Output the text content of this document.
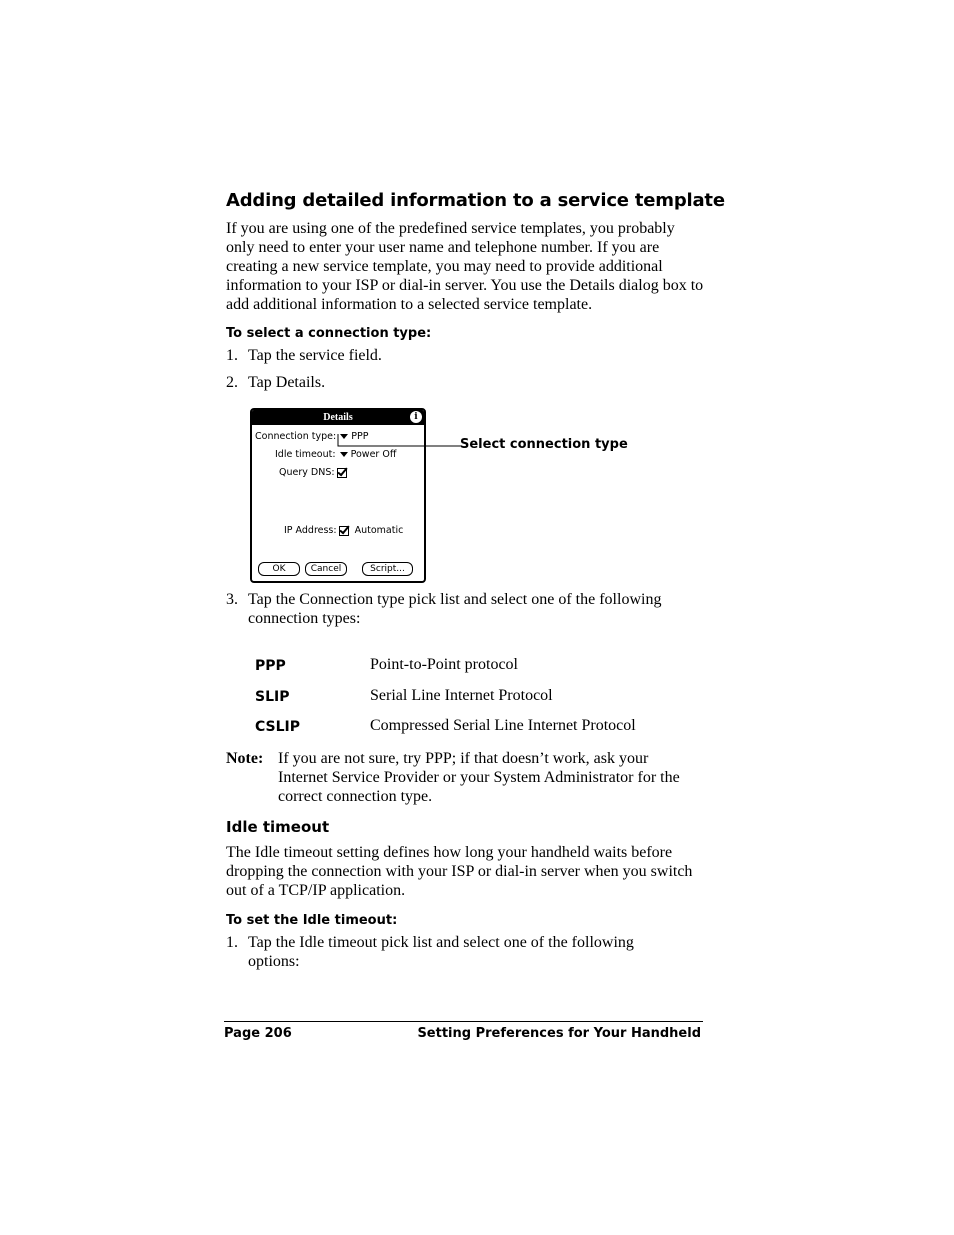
Adding detailed information to a service template

If you are using one of the predefined service templates, you probably only need to enter your user name and telephone number. If you are creating a new service template, you may need to provide additional information to your ISP or dial-in server. You use the Details dialog box to add additional information to a selected service template.

To select a connection type:

1. Tap the service field.
2. Tap Details.
Details	i
Connection type: PPP
Idle timeout: Power Off
Query DNS:
IP Address: Automatic
OK	Cancel	Script...
Select connection type
3. Tap the Connection type pick list and select one of the following connection types:
PPP	Point-to-Point protocol
SLIP	Serial Line Internet Protocol
CSLIP	Compressed Serial Line Internet Protocol
Note: If you are not sure, try PPP; if that doesn’t work, ask your Internet Service Provider or your System Administrator for the correct connection type.

Idle timeout

The Idle timeout setting defines how long your handheld waits before dropping the connection with your ISP or dial-in server when you switch out of a TCP/IP application.

To set the Idle timeout:

1. Tap the Idle timeout pick list and select one of the following options:
Page 206	Setting Preferences for Your Handheld
